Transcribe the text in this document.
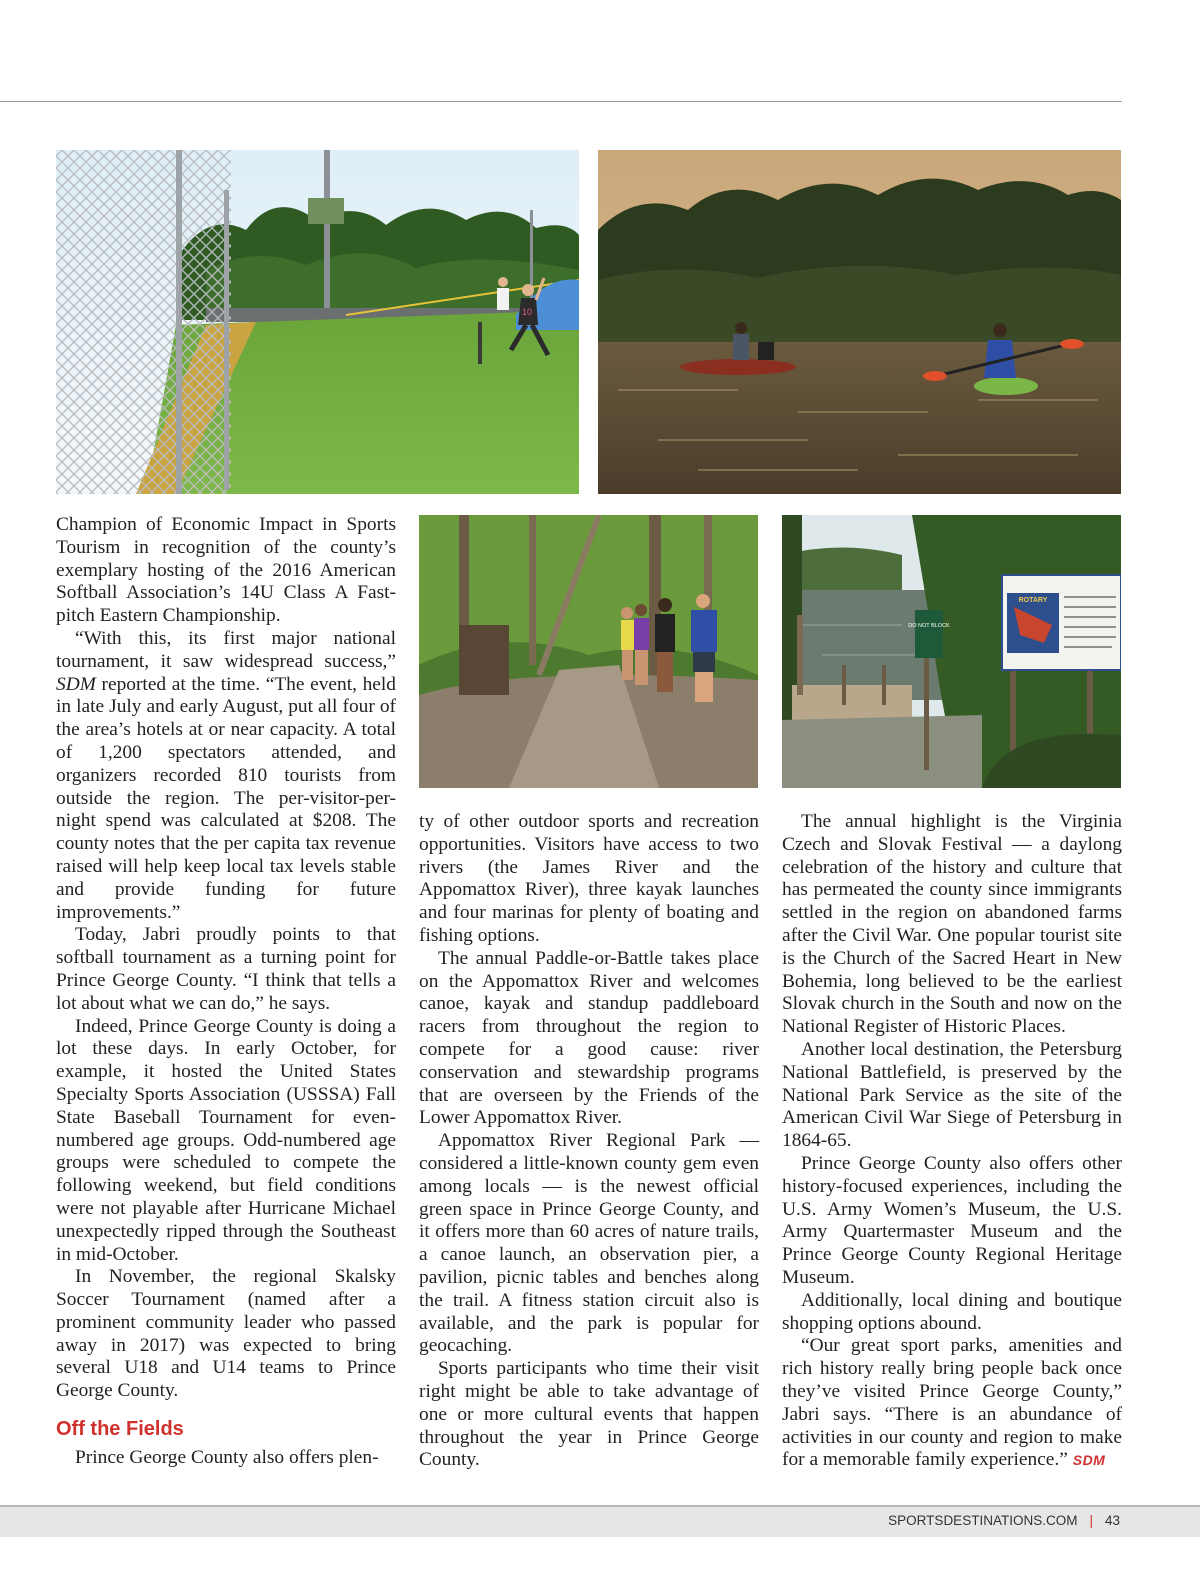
10
DO NOT BLOCK
ROTARY

Champion of Economic Impact in Sports Tourism in recognition of the county’s exemplary hosting of the 2016 American Softball Association’s 14U Class A Fast-pitch Eastern Championship.

“With this, its first major national tournament, it saw widespread success,” SDM reported at the time. “The event, held in late July and early August, put all four of the area’s hotels at or near capacity. A total of 1,200 spectators attended, and organizers recorded 810 tourists from outside the region. The per-visitor-per-night spend was calculated at $208. The county notes that the per capita tax revenue raised will help keep local tax levels stable and provide funding for future improvements.”

Today, Jabri proudly points to that softball tournament as a turning point for Prince George County. “I think that tells a lot about what we can do,” he says.

Indeed, Prince George County is doing a lot these days. In early October, for example, it hosted the United States Specialty Sports Association (USSSA) Fall State Baseball Tournament for even-numbered age groups. Odd-numbered age groups were scheduled to compete the following weekend, but field conditions were not playable after Hurricane Michael unexpectedly ripped through the Southeast in mid-October.

In November, the regional Skalsky Soccer Tournament (named after a prominent community leader who passed away in 2017) was expected to bring several U18 and U14 teams to Prince George County.

Off the Fields

Prince George County also offers plen-

ty of other outdoor sports and recreation opportunities. Visitors have access to two rivers (the James River and the Appomattox River), three kayak launches and four marinas for plenty of boating and fishing options.

The annual Paddle-or-Battle takes place on the Appomattox River and welcomes canoe, kayak and standup paddleboard racers from throughout the region to compete for a good cause: river conservation and stewardship programs that are overseen by the Friends of the Lower Appomattox River.

Appomattox River Regional Park — considered a little-known county gem even among locals — is the newest official green space in Prince George County, and it offers more than 60 acres of nature trails, a canoe launch, an observation pier, a pavilion, picnic tables and benches along the trail. A fitness station circuit also is available, and the park is popular for geocaching.

Sports participants who time their visit right might be able to take advantage of one or more cultural events that happen throughout the year in Prince George County.

The annual highlight is the Virginia Czech and Slovak Festival — a daylong celebration of the history and culture that has permeated the county since immigrants settled in the region on abandoned farms after the Civil War. One popular tourist site is the Church of the Sacred Heart in New Bohemia, long believed to be the earliest Slovak church in the South and now on the National Register of Historic Places.

Another local destination, the Petersburg National Battlefield, is preserved by the National Park Service as the site of the American Civil War Siege of Petersburg in 1864-65.

Prince George County also offers other history-focused experiences, including the U.S. Army Women’s Museum, the U.S. Army Quartermaster Museum and the Prince George County Regional Heritage Museum.

Additionally, local dining and boutique shopping options abound.

“Our great sport parks, amenities and rich history really bring people back once they’ve visited Prince George County,” Jabri says. “There is an abundance of activities in our county and region to make for a memorable family experience.” SDM

SPORTSDESTINATIONS.COM | 43
